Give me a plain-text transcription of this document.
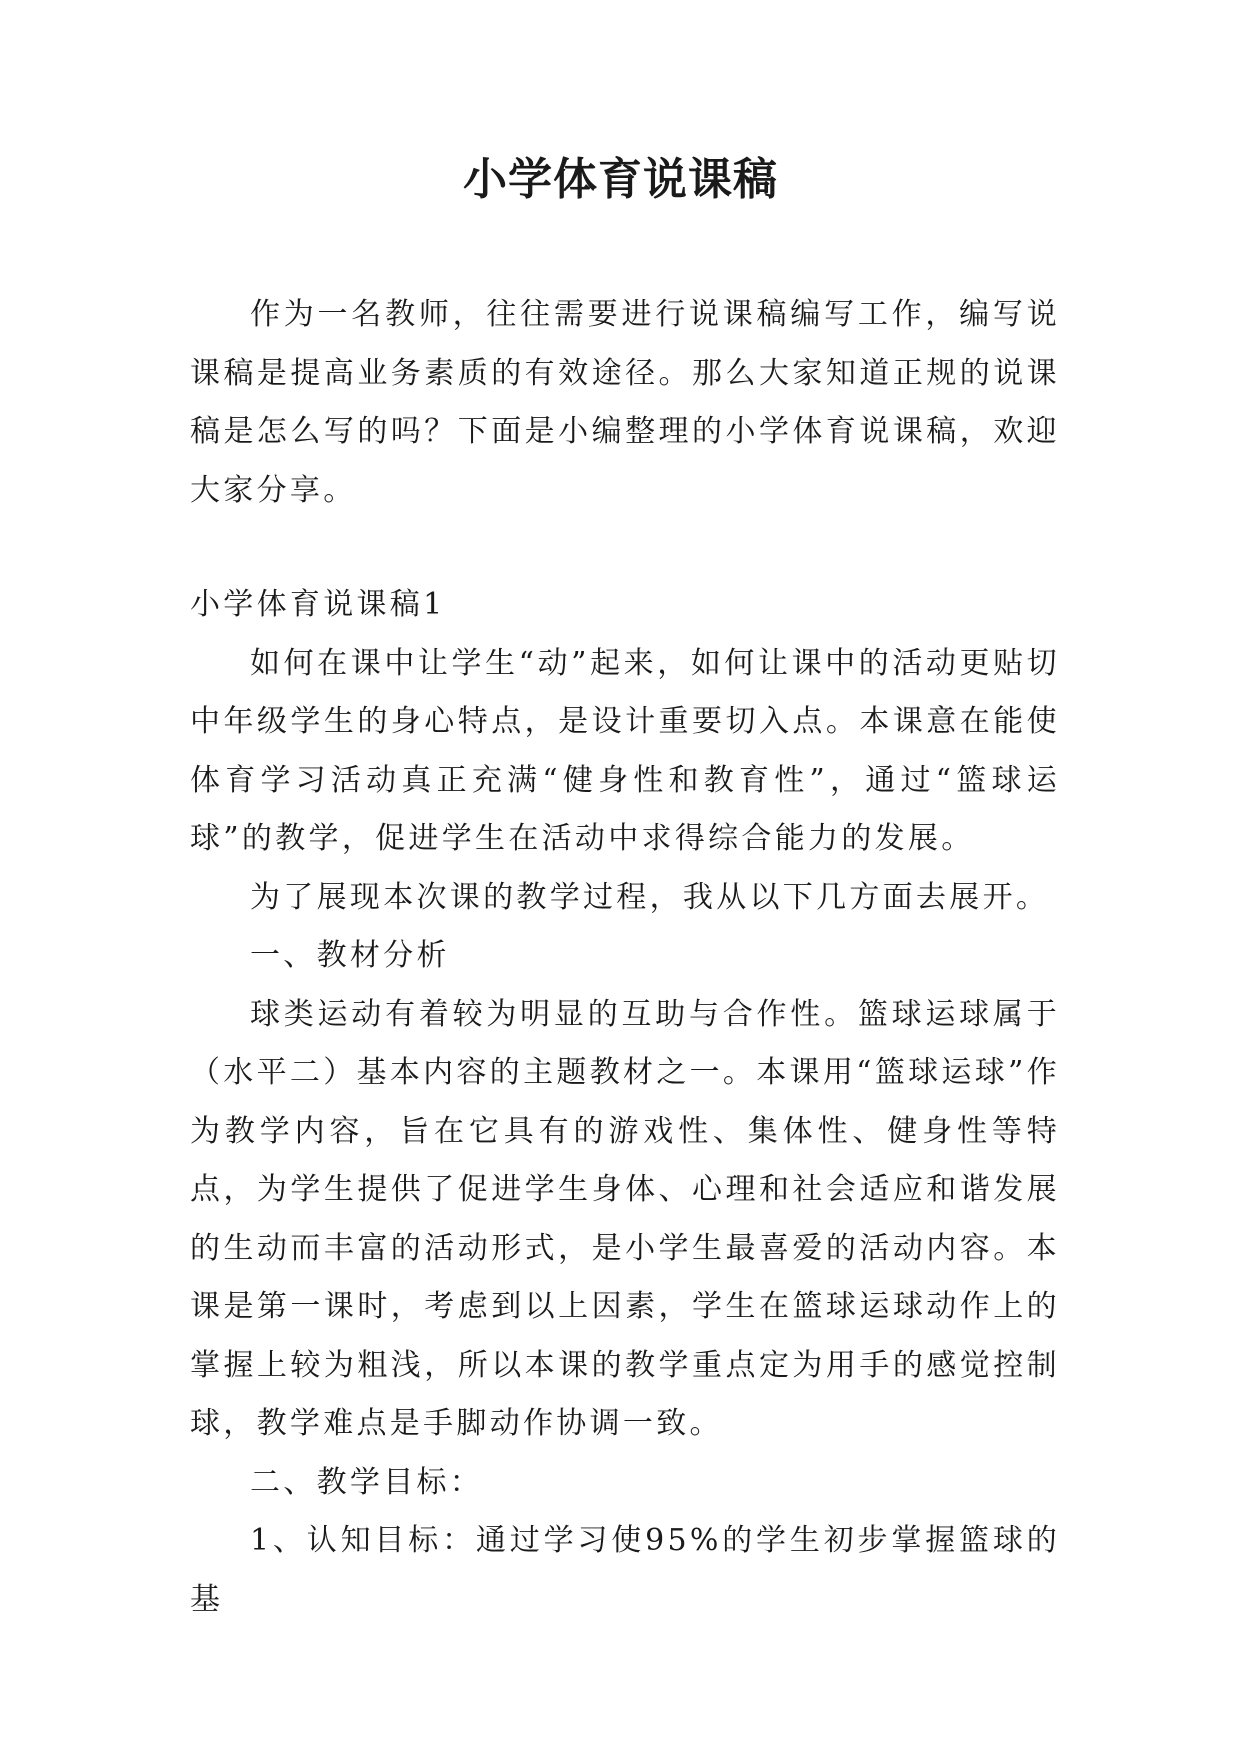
小学体育说课稿

作为一名教师，往往需要进行说课稿编写工作，编写说课稿是提高业务素质的有效途径。那么大家知道正规的说课稿是怎么写的吗？下面是小编整理的小学体育说课稿，欢迎大家分享。

小学体育说课稿1

如何在课中让学生“动”起来，如何让课中的活动更贴切中年级学生的身心特点，是设计重要切入点。本课意在能使体育学习活动真正充满“健身性和教育性”，通过“篮球运球”的教学，促进学生在活动中求得综合能力的发展。

为了展现本次课的教学过程，我从以下几方面去展开。

一、教材分析

球类运动有着较为明显的互助与合作性。篮球运球属于（水平二）基本内容的主题教材之一。本课用“篮球运球”作为教学内容，旨在它具有的游戏性、集体性、健身性等特点，为学生提供了促进学生身体、心理和社会适应和谐发展的生动而丰富的活动形式，是小学生最喜爱的活动内容。本课是第一课时，考虑到以上因素，学生在篮球运球动作上的掌握上较为粗浅，所以本课的教学重点定为用手的感觉控制球，教学难点是手脚动作协调一致。

二、教学目标：

1、认知目标：通过学习使95%的学生初步掌握篮球的基
